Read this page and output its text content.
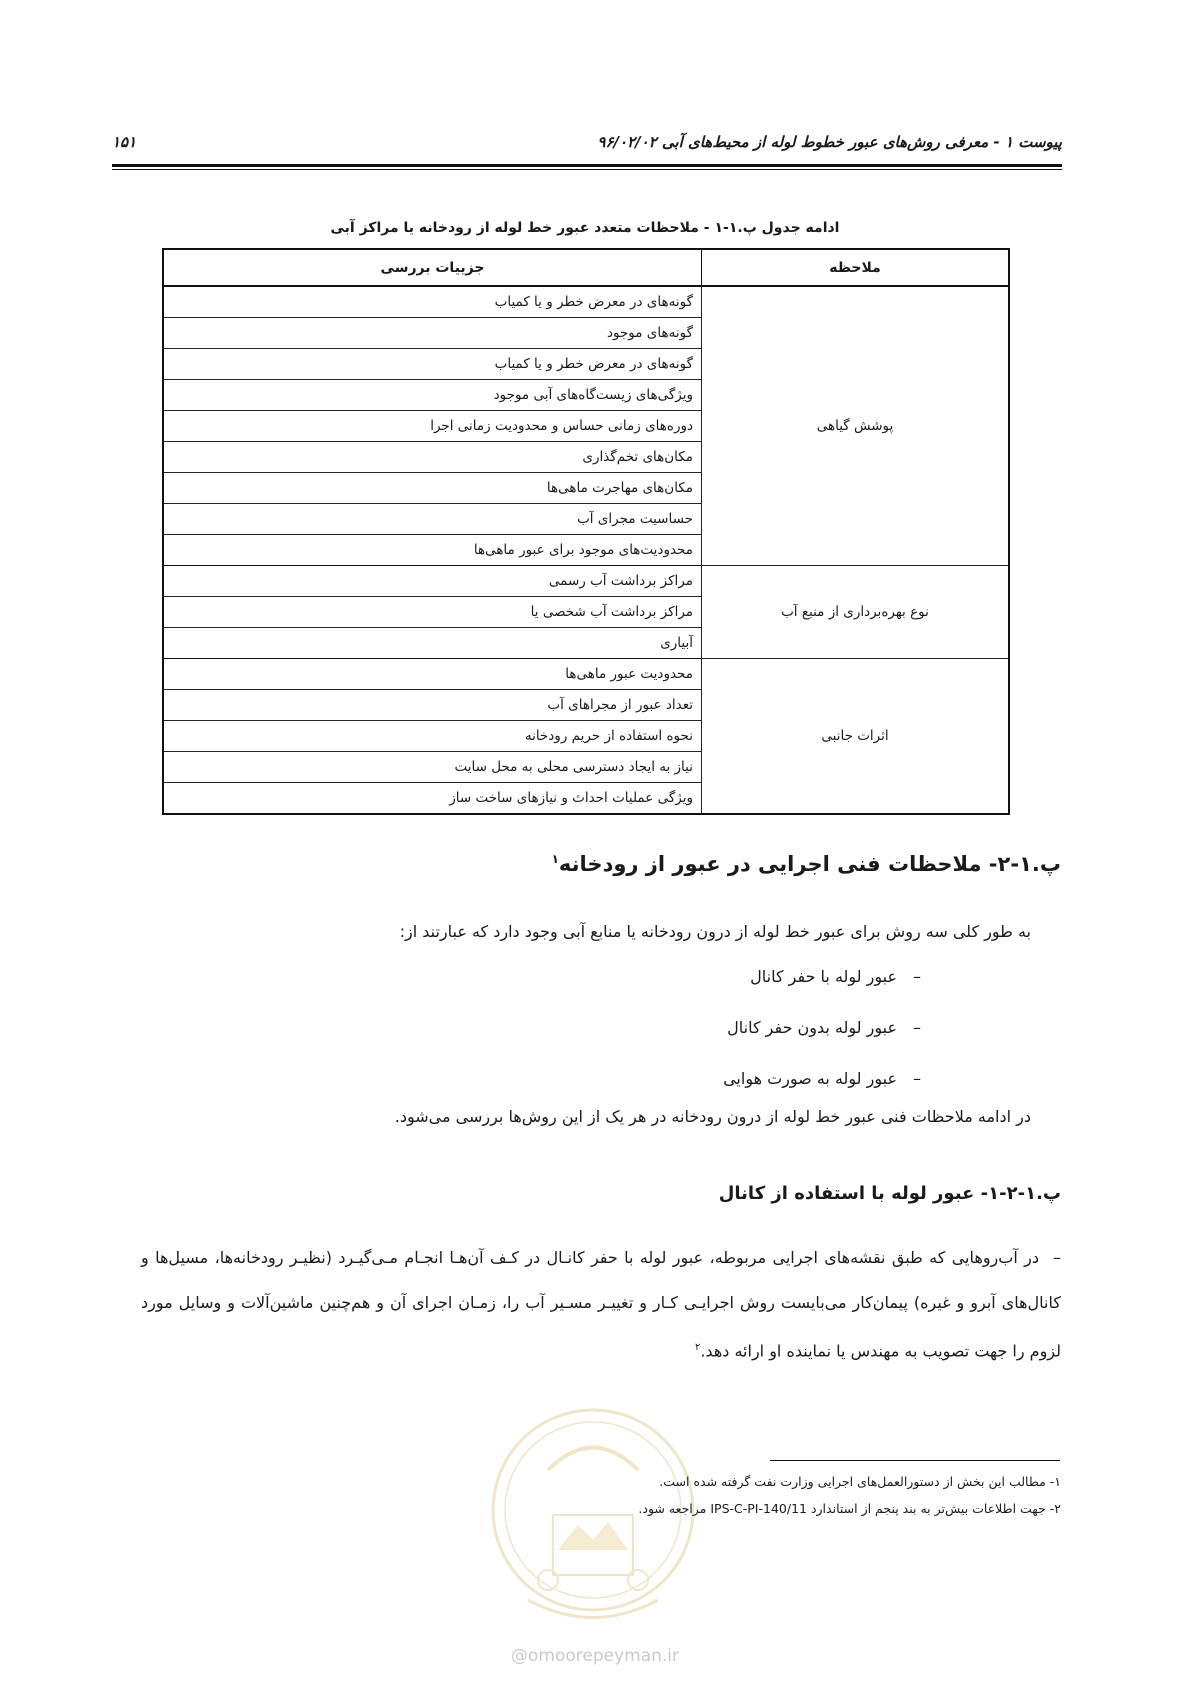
پیوست ۱ - معرفی روش‌های عبور خطوط لوله از محیط‌های آبی ۹۶/۰۲/۰۲
۱۵۱
ادامه جدول پ.۱-۱ - ملاحظات متعدد عبور خط لوله از رودخانه یا مراکز آبی
ملاحظه	جزییات بررسی
پوشش گیاهی	گونه‌های در معرض خطر و یا کمیاب
	گونه‌های موجود
	گونه‌های در معرض خطر و یا کمیاب
	ویژگی‌های زیست‌گاه‌های آبی موجود
	دوره‌های زمانی حساس و محدودیت زمانی اجرا
	مکان‌های تخم‌گذاری
	مکان‌های مهاجرت ماهی‌ها
	حساسیت مجرای آب
	محدودیت‌های موجود برای عبور ماهی‌ها
نوع بهره‌برداری از منبع آب	مراکز برداشت آب رسمی
	مراکز برداشت آب شخصی یا
	آبیاری
اثرات جانبی	محدودیت عبور ماهی‌ها
	تعداد عبور از مجراهای آب
	نحوه استفاده از حریم رودخانه
	نیاز به ایجاد دسترسی محلی به محل سایت
	ویژگی عملیات احداث و نیازهای ساخت ساز
پ.۱-۲- ملاحظات فنی اجرایی در عبور از رودخانه$^۱$
به طور کلی سه روش برای عبور خط لوله از درون رودخانه یا منابع آبی وجود دارد که عبارتند از:
–عبور لوله با حفر کانال
–عبور لوله بدون حفر کانال
–عبور لوله به صورت هوایی
در ادامه ملاحظات فنی عبور خط لوله از درون رودخانه در هر یک از این روش‌ها بررسی می‌شود.
پ.۱-۲-۱- عبور لوله با استفاده از کانال
–در آب‌روهایی که طبق نقشه‌های اجرایی مربوطه، عبور لوله با حفر کانـال در کـف آن‌هـا انجـام مـی‌گیـرد (نظیـر رودخانه‌ها، مسیل‌ها و کانال‌های آبرو و غیره) پیمان‌کار می‌بایست روش اجرایـی کـار و تغییـر مسـیر آب را، زمـان اجرای آن و هم‌چنین ماشین‌آلات و وسایل مورد لزوم را جهت تصویب به مهندس یا نماینده او ارائه دهد.$^۲$
@omoorepeyman.ir
۱- مطالب این بخش از دستورالعمل‌های اجرایی وزارت نفت گرفته شده است.
۲- جهت اطلاعات بیش‌تر به بند پنجم از استاندارد IPS-C-PI-140/11 مراجعه شود.
